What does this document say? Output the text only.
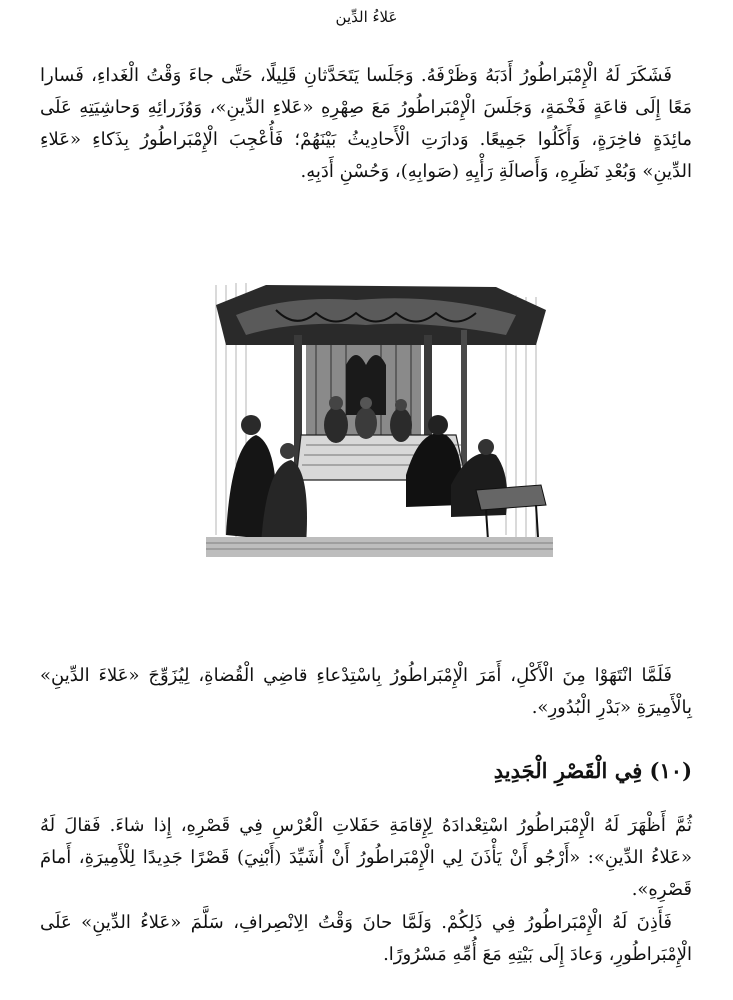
عَلاءُ الدِّين

فَشَكَرَ لَهُ الْإِمْبَراطُورُ أَدَبَهُ وَظَرْفَهُ. وَجَلَسا يَتَحَدَّثانِ قَلِيلًا، حَتَّى جاءَ وَقْتُ الْغَداءِ، فَسارا مَعًا إِلَى قاعَةٍ فَخْمَةٍ، وَجَلَسَ الْإِمْبَراطُورُ مَعَ صِهْرِهِ «عَلاءِ الدِّينِ»، وَوُزَرائِهِ وَحاشِيَتِهِ عَلَى مائِدَةٍ فاخِرَةٍ، وَأَكَلُوا جَمِيعًا. وَدارَتِ الْأَحادِيثُ بَيْنَهُمْ؛ فَأُعْجِبَ الْإِمْبَراطُورُ بِذَكاءِ «عَلاءِ الدِّينِ» وَبُعْدِ نَظَرِهِ، وَأَصالَةِ رَأْيِهِ (صَوابِهِ)، وَحُسْنِ أَدَبِهِ.

فَلَمَّا انْتَهَوْا مِنَ الْأَكْلِ، أَمَرَ الْإِمْبَراطُورُ بِاسْتِدْعاءِ قاضِي الْقُضاةِ، لِيُزَوِّجَ «عَلاءَ الدِّينِ» بِالْأَمِيرَةِ «بَدْرِ الْبُدُورِ».

(١٠) فِي الْقَصْرِ الْجَدِيدِ

ثُمَّ أَظْهَرَ لَهُ الْإِمْبَراطُورُ اسْتِعْدادَهُ لِإِقامَةِ حَفَلاتِ الْعُرْسِ فِي قَصْرِهِ، إِذا شاءَ. فَقالَ لَهُ «عَلاءُ الدِّينِ»: «أَرْجُو أَنْ يَأْذَنَ لِي الْإِمْبَراطُورُ أَنْ أُشَيِّدَ (أَبْنِيَ) قَصْرًا جَدِيدًا لِلْأَمِيرَةِ، أَمامَ قَصْرِهِ».

فَأَذِنَ لَهُ الْإِمْبَراطُورُ فِي ذَلِكُمْ. وَلَمَّا حانَ وَقْتُ الِانْصِرافِ، سَلَّمَ «عَلاءُ الدِّينِ» عَلَى الْإِمْبَراطُورِ، وَعادَ إِلَى بَيْتِهِ مَعَ أُمِّهِ مَسْرُورًا.
